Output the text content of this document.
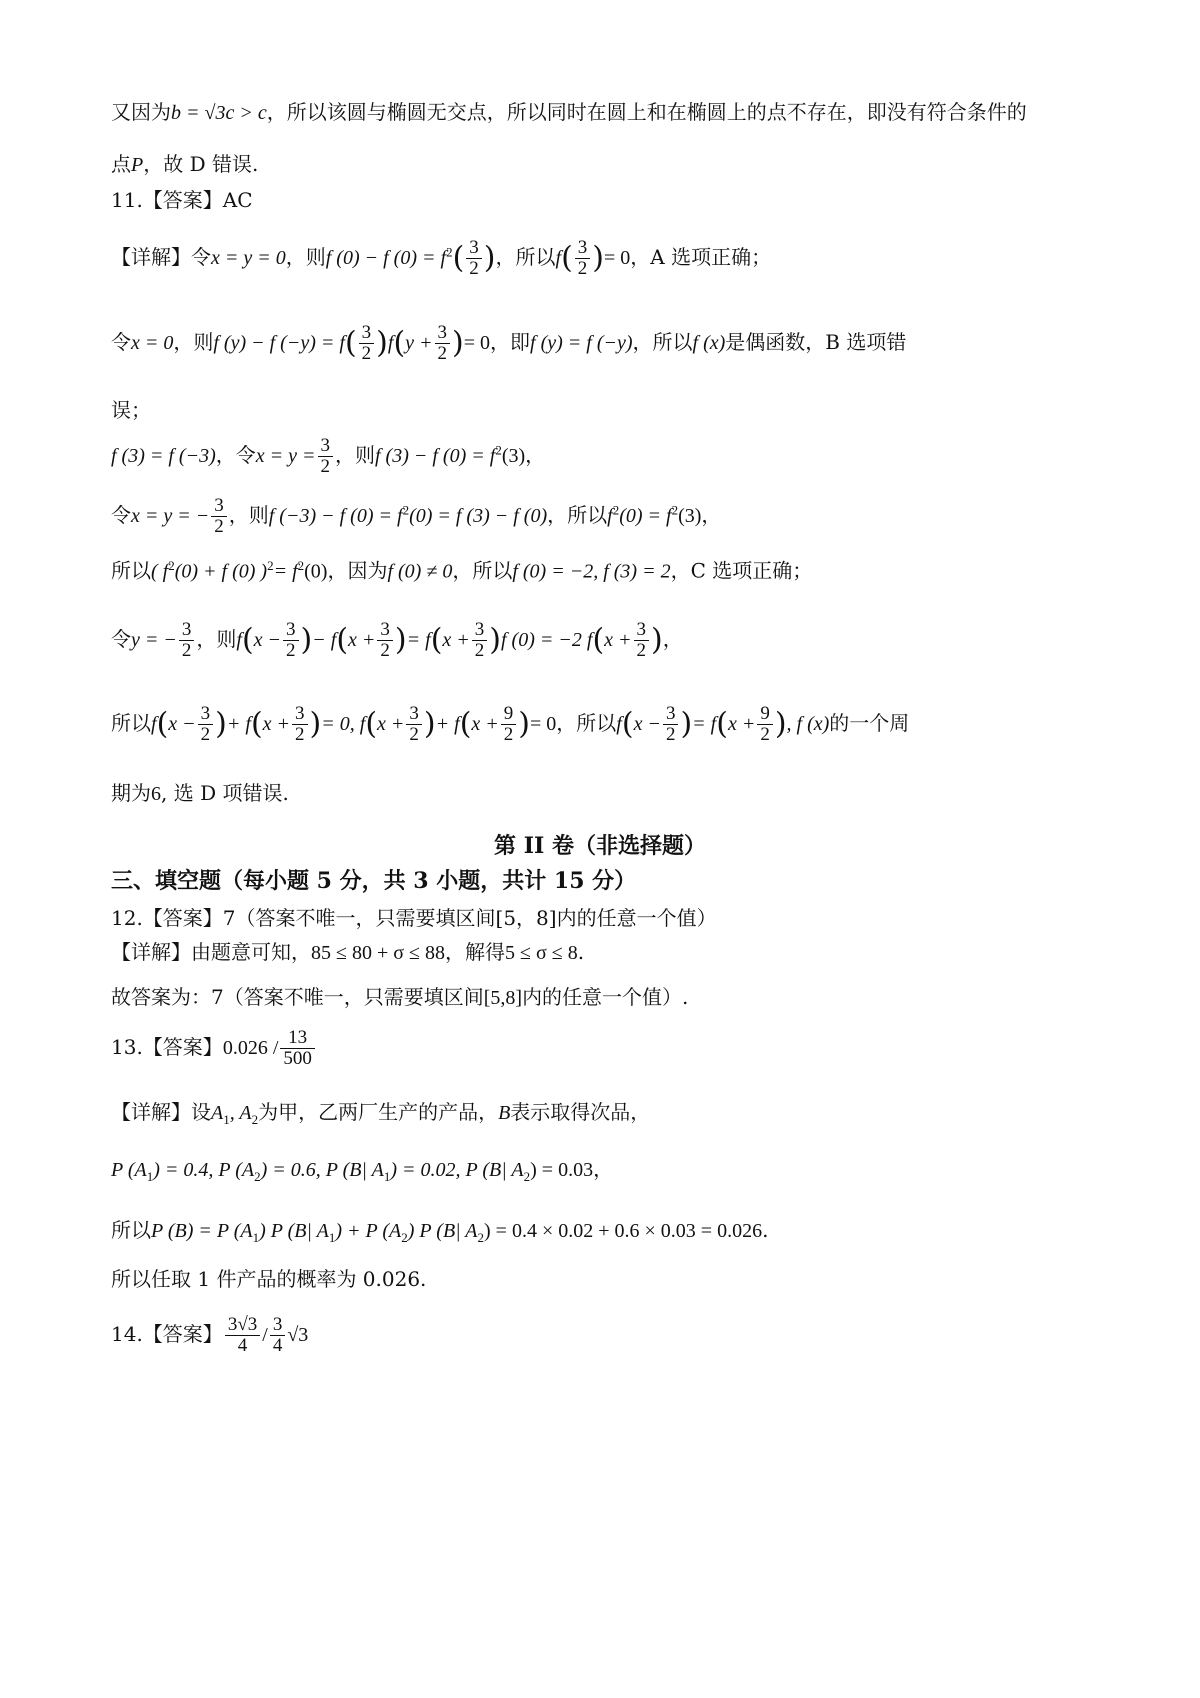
又因为b = √3c > c，所以该圆与椭圆无交点，所以同时在圆上和在椭圆上的点不存在，即没有符合条件的
点P，故 D 错误.
11.【答案】AC
【详解】令x = y = 0，则f (0) − f $(0) = f^2( \frac{3}{2}$ )，所以$f( \frac{3}{2}$ )= 0，A 选项正确；
令x = 0，则f (y) − f $(-y) = f( \frac{3}{2} )f(y + \frac{3}{2}$ )= 0，即f (y) = f (−y)，所以f (x)是偶函数，B 选项错
误；
f (3) = f (−3)，令$x = y = \frac{3}{2}$ ，则f (3) − f $(0) = f^2(3)$，
令x = y = − $\frac{3}{2}$ ，则f (−3) − f $(0) = f^2(0) = f$ (3) − f (0)，所以$f^2(0) = f^2(3)$，
所以( $f^2(0) + f$ (0) )$^2= f^2(0)$，因为f (0) ≠ 0，所以f (0) = −2, f (3) = 2，C 选项正确；
令y = − $\frac{3}{2}$ ，则$f(x - \frac{3}{2}$ )− $f(x + \frac{3}{2}$ )= $f(x + \frac{3}{2} )f$ (0) = −2 $f(x + \frac{3}{2}$ )，
所以$f(x - \frac{3}{2}$ )+ $f(x + \frac{3}{2}$ )= 0, $f(x + \frac{3}{2}$ )+ $f(x + \frac{9}{2}$ )= 0，所以$f(x - \frac{3}{2}$ )= $f(x + \frac{9}{2}$ ), f (x)的一个周
期为6, 选 D 项错误.
第 II 卷（非选择题）
三、填空题（每小题 5 分，共 3 小题，共计 15 分）
12.【答案】7（答案不唯一，只需要填区间[5，8]内的任意一个值）
【详解】由题意可知，85 ≤ 80 + σ ≤ 88，解得5 ≤ σ ≤ 8.
故答案为：7（答案不唯一，只需要填区间[5,8]内的任意一个值）.
13.【答案】$0.026 / \frac{13}{500}$
【详解】设$A_1$, $A_2$为甲，乙两厂生产的产品，B表示取得次品，
P $(A_1) = 0.4$, P $(A_2) = 0.6$, P (B| $A_1) = 0.02$, P (B| $A_2) = 0.03$，
所以P (B) = P $(A_1)$ P (B| $A_1) + P$ $(A_2)$ P (B| $A_2) = 0.4 \times 0.02 + 0.6 \times 0.03 = 0.026$.
所以任取 1 件产品的概率为 0.026.
14.【答案】 $\frac{3√3}{4} / \frac{3}{4} √3$
